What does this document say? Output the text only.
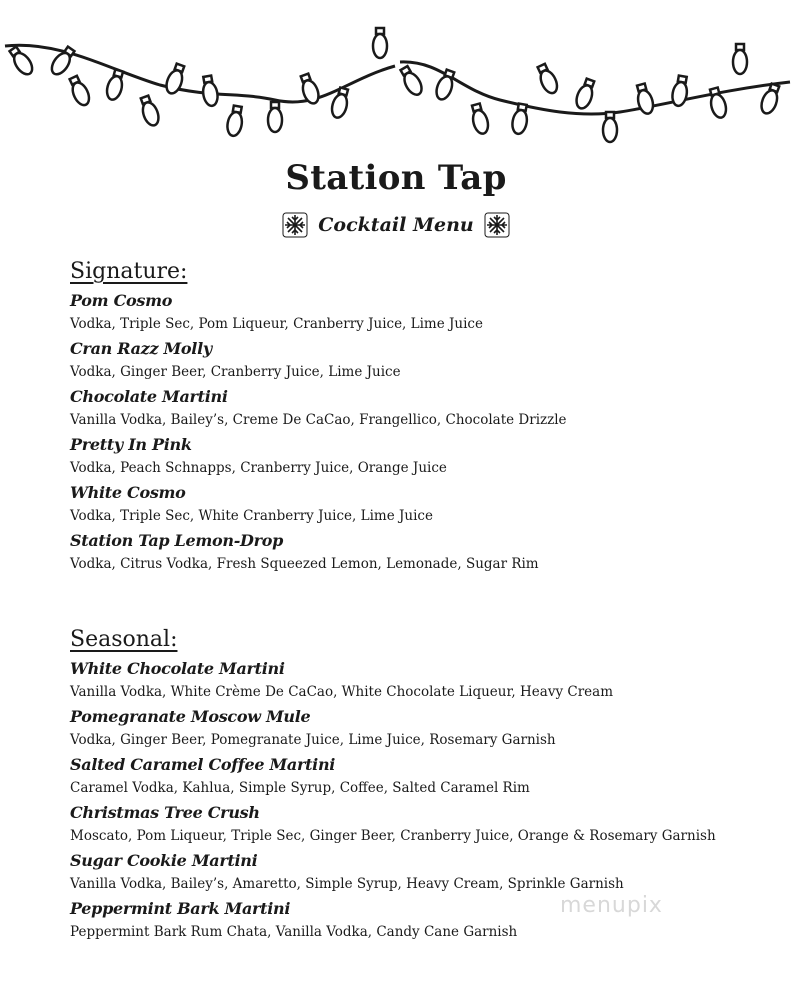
Station Tap
Cocktail Menu
Signature:
Pom Cosmo
Vodka, Triple Sec, Pom Liqueur, Cranberry Juice, Lime Juice
Cran Razz Molly
Vodka, Ginger Beer, Cranberry Juice, Lime Juice
Chocolate Martini
Vanilla Vodka, Bailey’s, Creme De CaCao, Frangellico, Chocolate Drizzle
Pretty In Pink
Vodka, Peach Schnapps, Cranberry Juice, Orange Juice
White Cosmo
Vodka, Triple Sec, White Cranberry Juice, Lime Juice
Station Tap Lemon-Drop
Vodka, Citrus Vodka, Fresh Squeezed Lemon, Lemonade, Sugar Rim
Seasonal:
White Chocolate Martini
Vanilla Vodka, White Crème De CaCao, White Chocolate Liqueur, Heavy Cream
Pomegranate Moscow Mule
Vodka, Ginger Beer, Pomegranate Juice, Lime Juice, Rosemary Garnish
Salted Caramel Coffee Martini
Caramel Vodka, Kahlua, Simple Syrup, Coffee, Salted Caramel Rim
Christmas Tree Crush
Moscato, Pom Liqueur, Triple Sec, Ginger Beer, Cranberry Juice, Orange & Rosemary Garnish
Sugar Cookie Martini
Vanilla Vodka, Bailey’s, Amaretto, Simple Syrup, Heavy Cream, Sprinkle Garnish
Peppermint Bark Martini
Peppermint Bark Rum Chata, Vanilla Vodka, Candy Cane Garnish
menupix
